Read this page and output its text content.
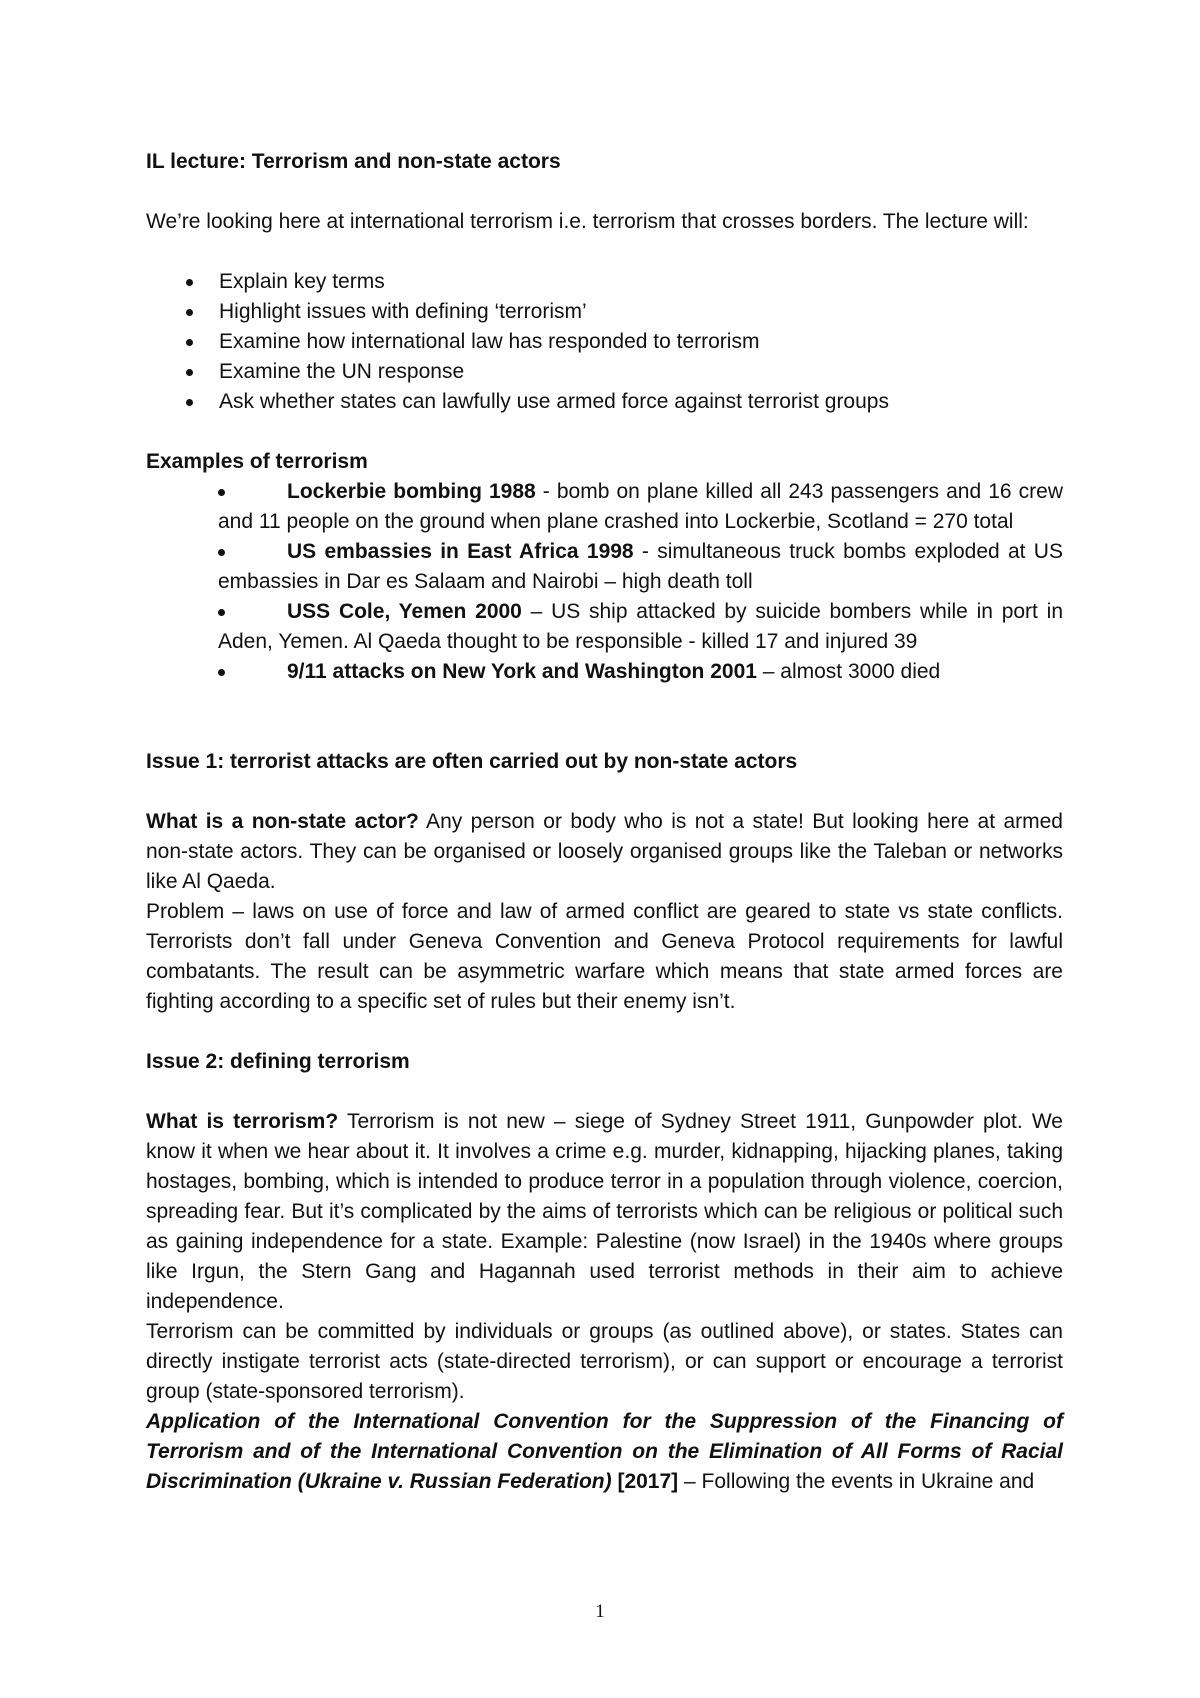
IL lecture: Terrorism and non-state actors

We’re looking here at international terrorism i.e. terrorism that crosses borders. The lecture will:

Explain key terms
Highlight issues with defining ‘terrorism’
Examine how international law has responded to terrorism
Examine the UN response
Ask whether states can lawfully use armed force against terrorist groups

Examples of terrorism

Lockerbie bombing 1988 - bomb on plane killed all 243 passengers and 16 crew and 11 people on the ground when plane crashed into Lockerbie, Scotland = 270 total
US embassies in East Africa 1998 - simultaneous truck bombs exploded at US embassies in Dar es Salaam and Nairobi – high death toll
USS Cole, Yemen 2000 – US ship attacked by suicide bombers while in port in Aden, Yemen. Al Qaeda thought to be responsible - killed 17 and injured 39
9/11 attacks on New York and Washington 2001 – almost 3000 died

Issue 1: terrorist attacks are often carried out by non-state actors

What is a non-state actor? Any person or body who is not a state! But looking here at armed non-state actors. They can be organised or loosely organised groups like the Taleban or networks like Al Qaeda.

Problem – laws on use of force and law of armed conflict are geared to state vs state conflicts. Terrorists don’t fall under Geneva Convention and Geneva Protocol requirements for lawful combatants. The result can be asymmetric warfare which means that state armed forces are fighting according to a specific set of rules but their enemy isn’t.

Issue 2: defining terrorism

What is terrorism? Terrorism is not new – siege of Sydney Street 1911, Gunpowder plot. We know it when we hear about it. It involves a crime e.g. murder, kidnapping, hijacking planes, taking hostages, bombing, which is intended to produce terror in a population through violence, coercion, spreading fear. But it’s complicated by the aims of terrorists which can be religious or political such as gaining independence for a state. Example: Palestine (now Israel) in the 1940s where groups like Irgun, the Stern Gang and Hagannah used terrorist methods in their aim to achieve independence.

Terrorism can be committed by individuals or groups (as outlined above), or states. States can directly instigate terrorist acts (state-directed terrorism), or can support or encourage a terrorist group (state-sponsored terrorism).

Application of the International Convention for the Suppression of the Financing of Terrorism and of the International Convention on the Elimination of All Forms of Racial Discrimination (Ukraine v. Russian Federation) [2017] – Following the events in Ukraine and

1
